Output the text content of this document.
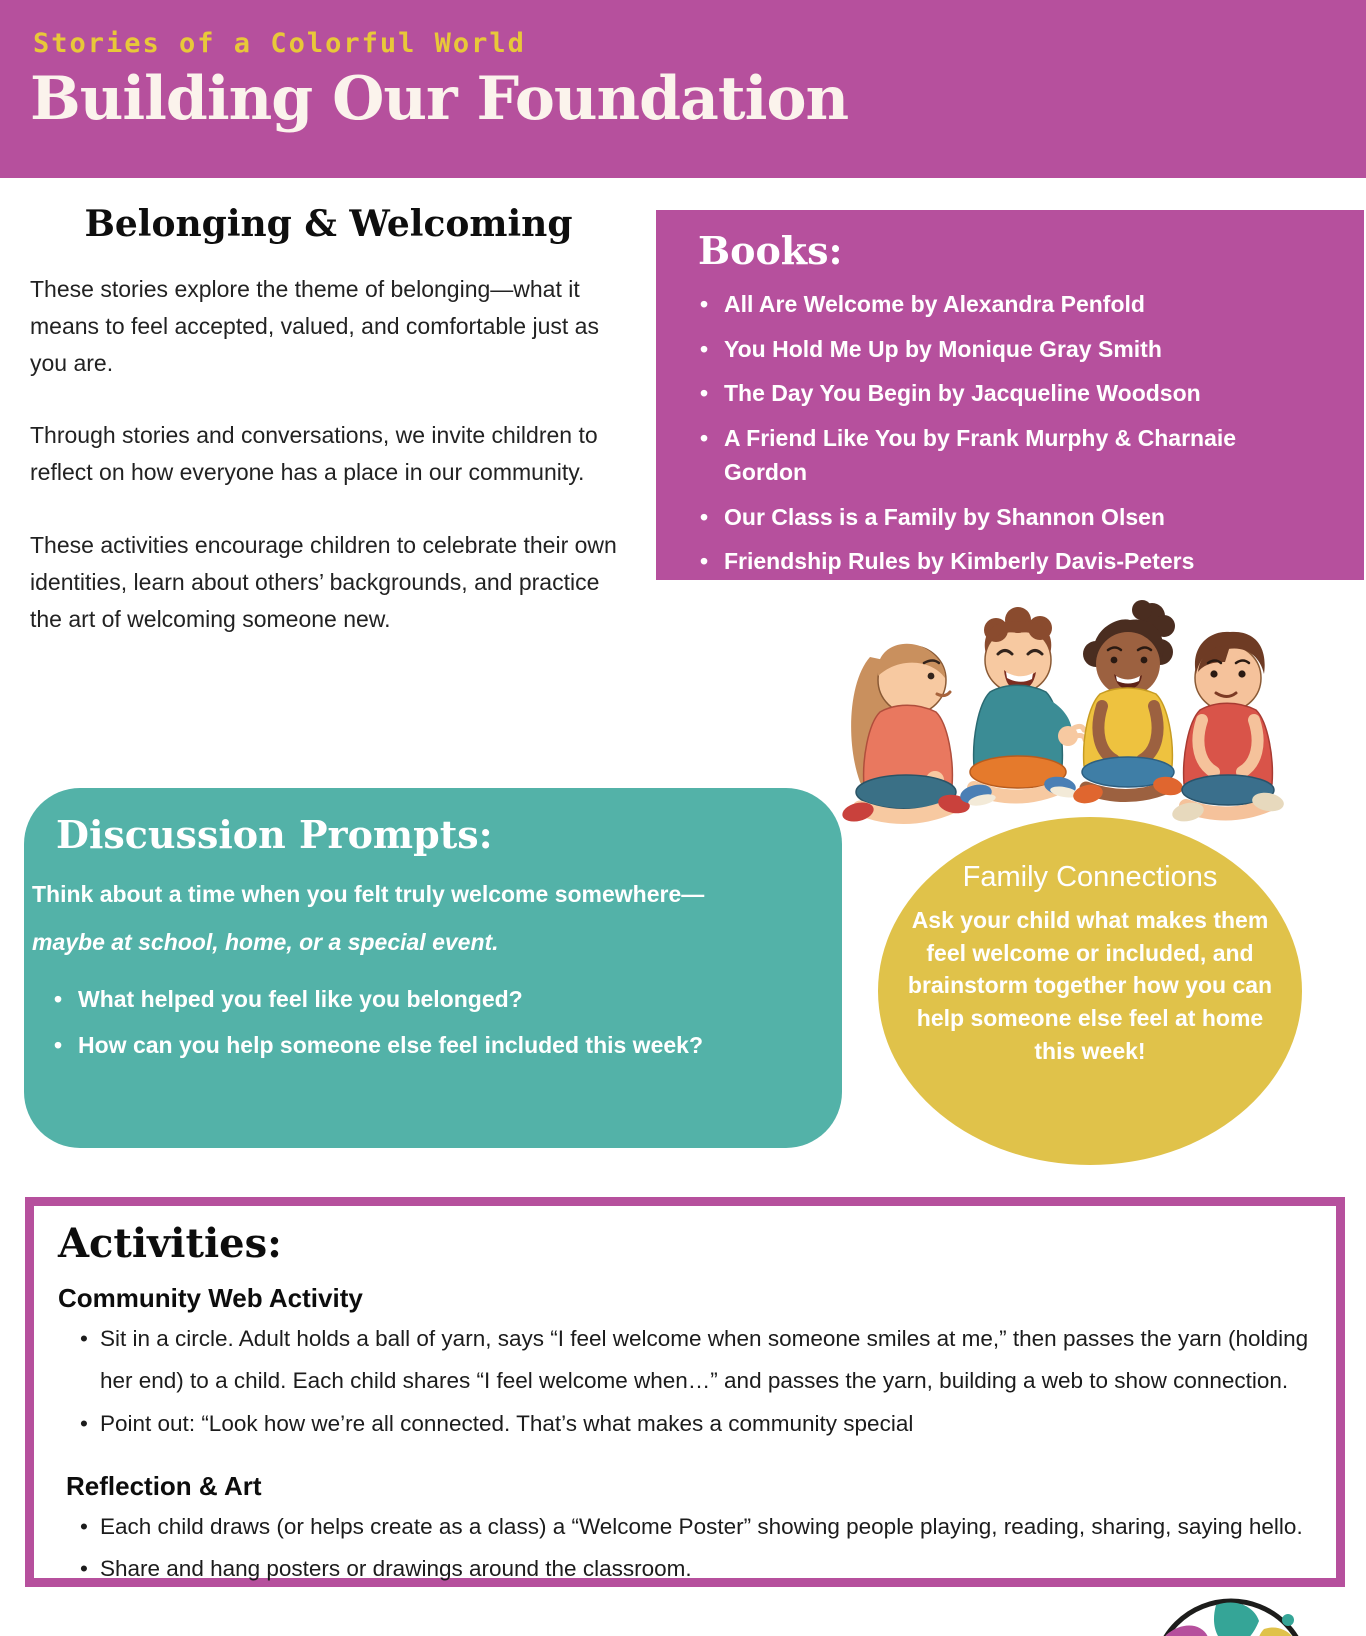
Stories of a Colorful World
Building Our Foundation
Belonging & Welcoming

These stories explore the theme of belonging—what it means to feel accepted, valued, and comfortable just as you are.

Through stories and conversations, we invite children to reflect on how everyone has a place in our community.

These activities encourage children to celebrate their own identities, learn about others’ backgrounds, and practice the art of welcoming someone new.

Books:
• All Are Welcome by Alexandra Penfold
• You Hold Me Up by Monique Gray Smith
• The Day You Begin by Jacqueline Woodson
• A Friend Like You by Frank Murphy & Charnaie Gordon
• Our Class is a Family by Shannon Olsen
• Friendship Rules by Kimberly Davis-Peters
Discussion Prompts:

Think about a time when you felt truly welcome somewhere—

maybe at school, home, or a special event.

• What helped you feel like you belonged?
• How can you help someone else feel included this week?
Family Connections

Ask your child what makes them feel welcome or included, and brainstorm together how you can help someone else feel at home this week!

Activities:
Community Web Activity
• Sit in a circle. Adult holds a ball of yarn, says “I feel welcome when someone smiles at me,” then passes the yarn (holding her end) to a child. Each child shares “I feel welcome when…” and passes the yarn, building a web to show connection.
• Point out: “Look how we’re all connected. That’s what makes a community special
Reflection & Art
• Each child draws (or helps create as a class) a “Welcome Poster” showing people playing, reading, sharing, saying hello.
• Share and hang posters or drawings around the classroom.
